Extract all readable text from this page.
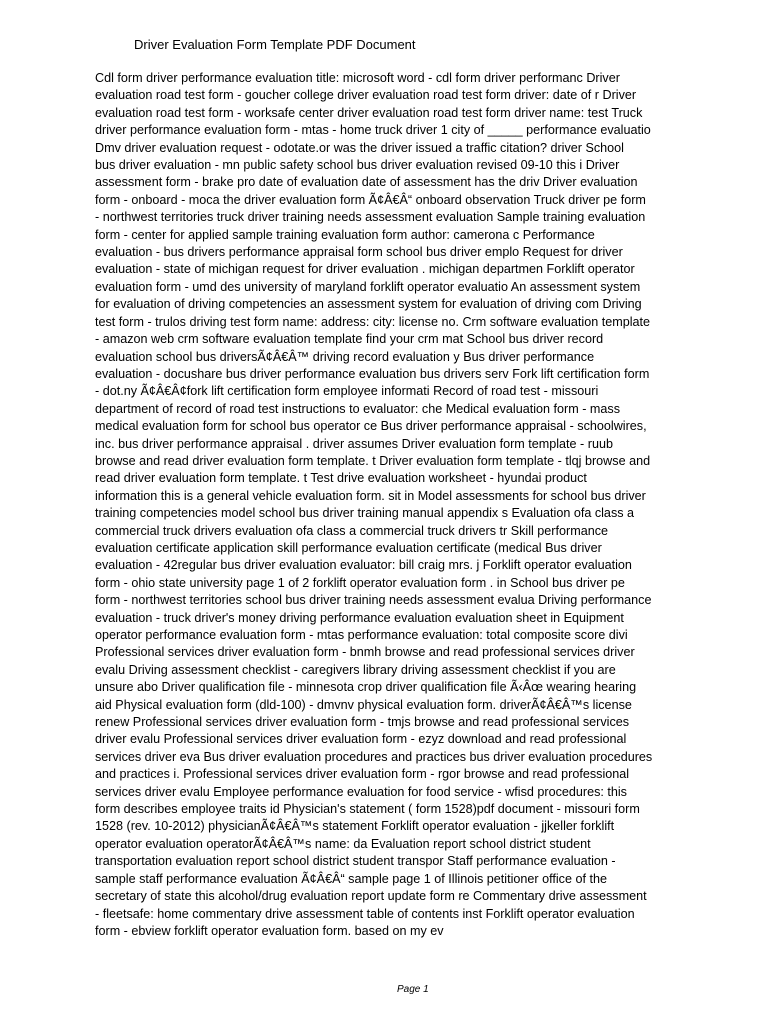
Driver Evaluation Form Template PDF Document
Cdl form driver performance evaluation title: microsoft word - cdl form driver performanc Driver
evaluation road test form - goucher college driver evaluation road test form driver: date of r Driver
evaluation road test form - worksafe center driver evaluation road test form driver name: test Truck
driver performance evaluation form - mtas - home truck driver 1 city of _____ performance evaluatio
Dmv driver evaluation request - odotate.or was the driver issued a traffic citation? driver School
bus driver evaluation - mn public safety school bus driver evaluation revised 09-10 this i Driver
assessment form - brake pro date of evaluation date of assessment has the driv Driver evaluation
form - onboard - moca the driver evaluation form Ã¢Â€Â“ onboard observation Truck driver pe form
- northwest territories truck driver training needs assessment evaluation Sample training evaluation
form - center for applied sample training evaluation form author: camerona c Performance
evaluation - bus drivers performance appraisal form school bus driver emplo Request for driver
evaluation - state of michigan request for driver evaluation . michigan departmen Forklift operator
evaluation form - umd des university of maryland forklift operator evaluatio An assessment system
for evaluation of driving competencies an assessment system for evaluation of driving com Driving
test form - trulos driving test form name: address: city: license no. Crm software evaluation template
- amazon web crm software evaluation template find your crm mat School bus driver record
evaluation school bus driversÃ¢Â€Â™ driving record evaluation y Bus driver performance
evaluation - docushare bus driver performance evaluation bus drivers serv Fork lift certification form
- dot.ny Ã¢Â€Â¢fork lift certification form employee informati Record of road test - missouri
department of record of road test instructions to evaluator: che Medical evaluation form - mass
medical evaluation form for school bus operator ce Bus driver performance appraisal - schoolwires,
inc. bus driver performance appraisal . driver assumes Driver evaluation form template - ruub
browse and read driver evaluation form template. t Driver evaluation form template - tlqj browse and
read driver evaluation form template. t Test drive evaluation worksheet - hyundai product
information this is a general vehicle evaluation form. sit in Model assessments for school bus driver
training competencies model school bus driver training manual appendix s Evaluation ofa class a
commercial truck drivers evaluation ofa class a commercial truck drivers tr Skill performance
evaluation certificate application skill performance evaluation certificate (medical Bus driver
evaluation - 42regular bus driver evaluation evaluator: bill craig mrs. j Forklift operator evaluation
form - ohio state university page 1 of 2 forklift operator evaluation form . in School bus driver pe
form - northwest territories school bus driver training needs assessment evalua Driving performance
evaluation - truck driver's money driving performance evaluation evaluation sheet in Equipment
operator performance evaluation form - mtas performance evaluation: total composite score divi
Professional services driver evaluation form - bnmh browse and read professional services driver
evalu Driving assessment checklist - caregivers library driving assessment checklist if you are
unsure abo Driver qualification file - minnesota crop driver qualification file Ã‹Âœ wearing hearing
aid Physical evaluation form (dld-100) - dmvnv physical evaluation form. driverÃ¢Â€Â™s license
renew Professional services driver evaluation form - tmjs browse and read professional services
driver evalu Professional services driver evaluation form - ezyz download and read professional
services driver eva Bus driver evaluation procedures and practices bus driver evaluation procedures
and practices i. Professional services driver evaluation form - rgor browse and read professional
services driver evalu Employee performance evaluation for food service - wfisd procedures: this
form describes employee traits id Physician's statement ( form 1528)pdf document - missouri form
1528 (rev. 10-2012) physicianÃ¢Â€Â™s statement Forklift operator evaluation - jjkeller forklift
operator evaluation operatorÃ¢Â€Â™s name: da Evaluation report school district student
transportation evaluation report school district student transpor Staff performance evaluation -
sample staff performance evaluation Ã¢Â€Â“ sample page 1 of Illinois petitioner office of the
secretary of state this alcohol/drug evaluation report update form re Commentary drive assessment
- fleetsafe: home commentary drive assessment table of contents inst Forklift operator evaluation
form - ebview forklift operator evaluation form. based on my ev
Page 1
